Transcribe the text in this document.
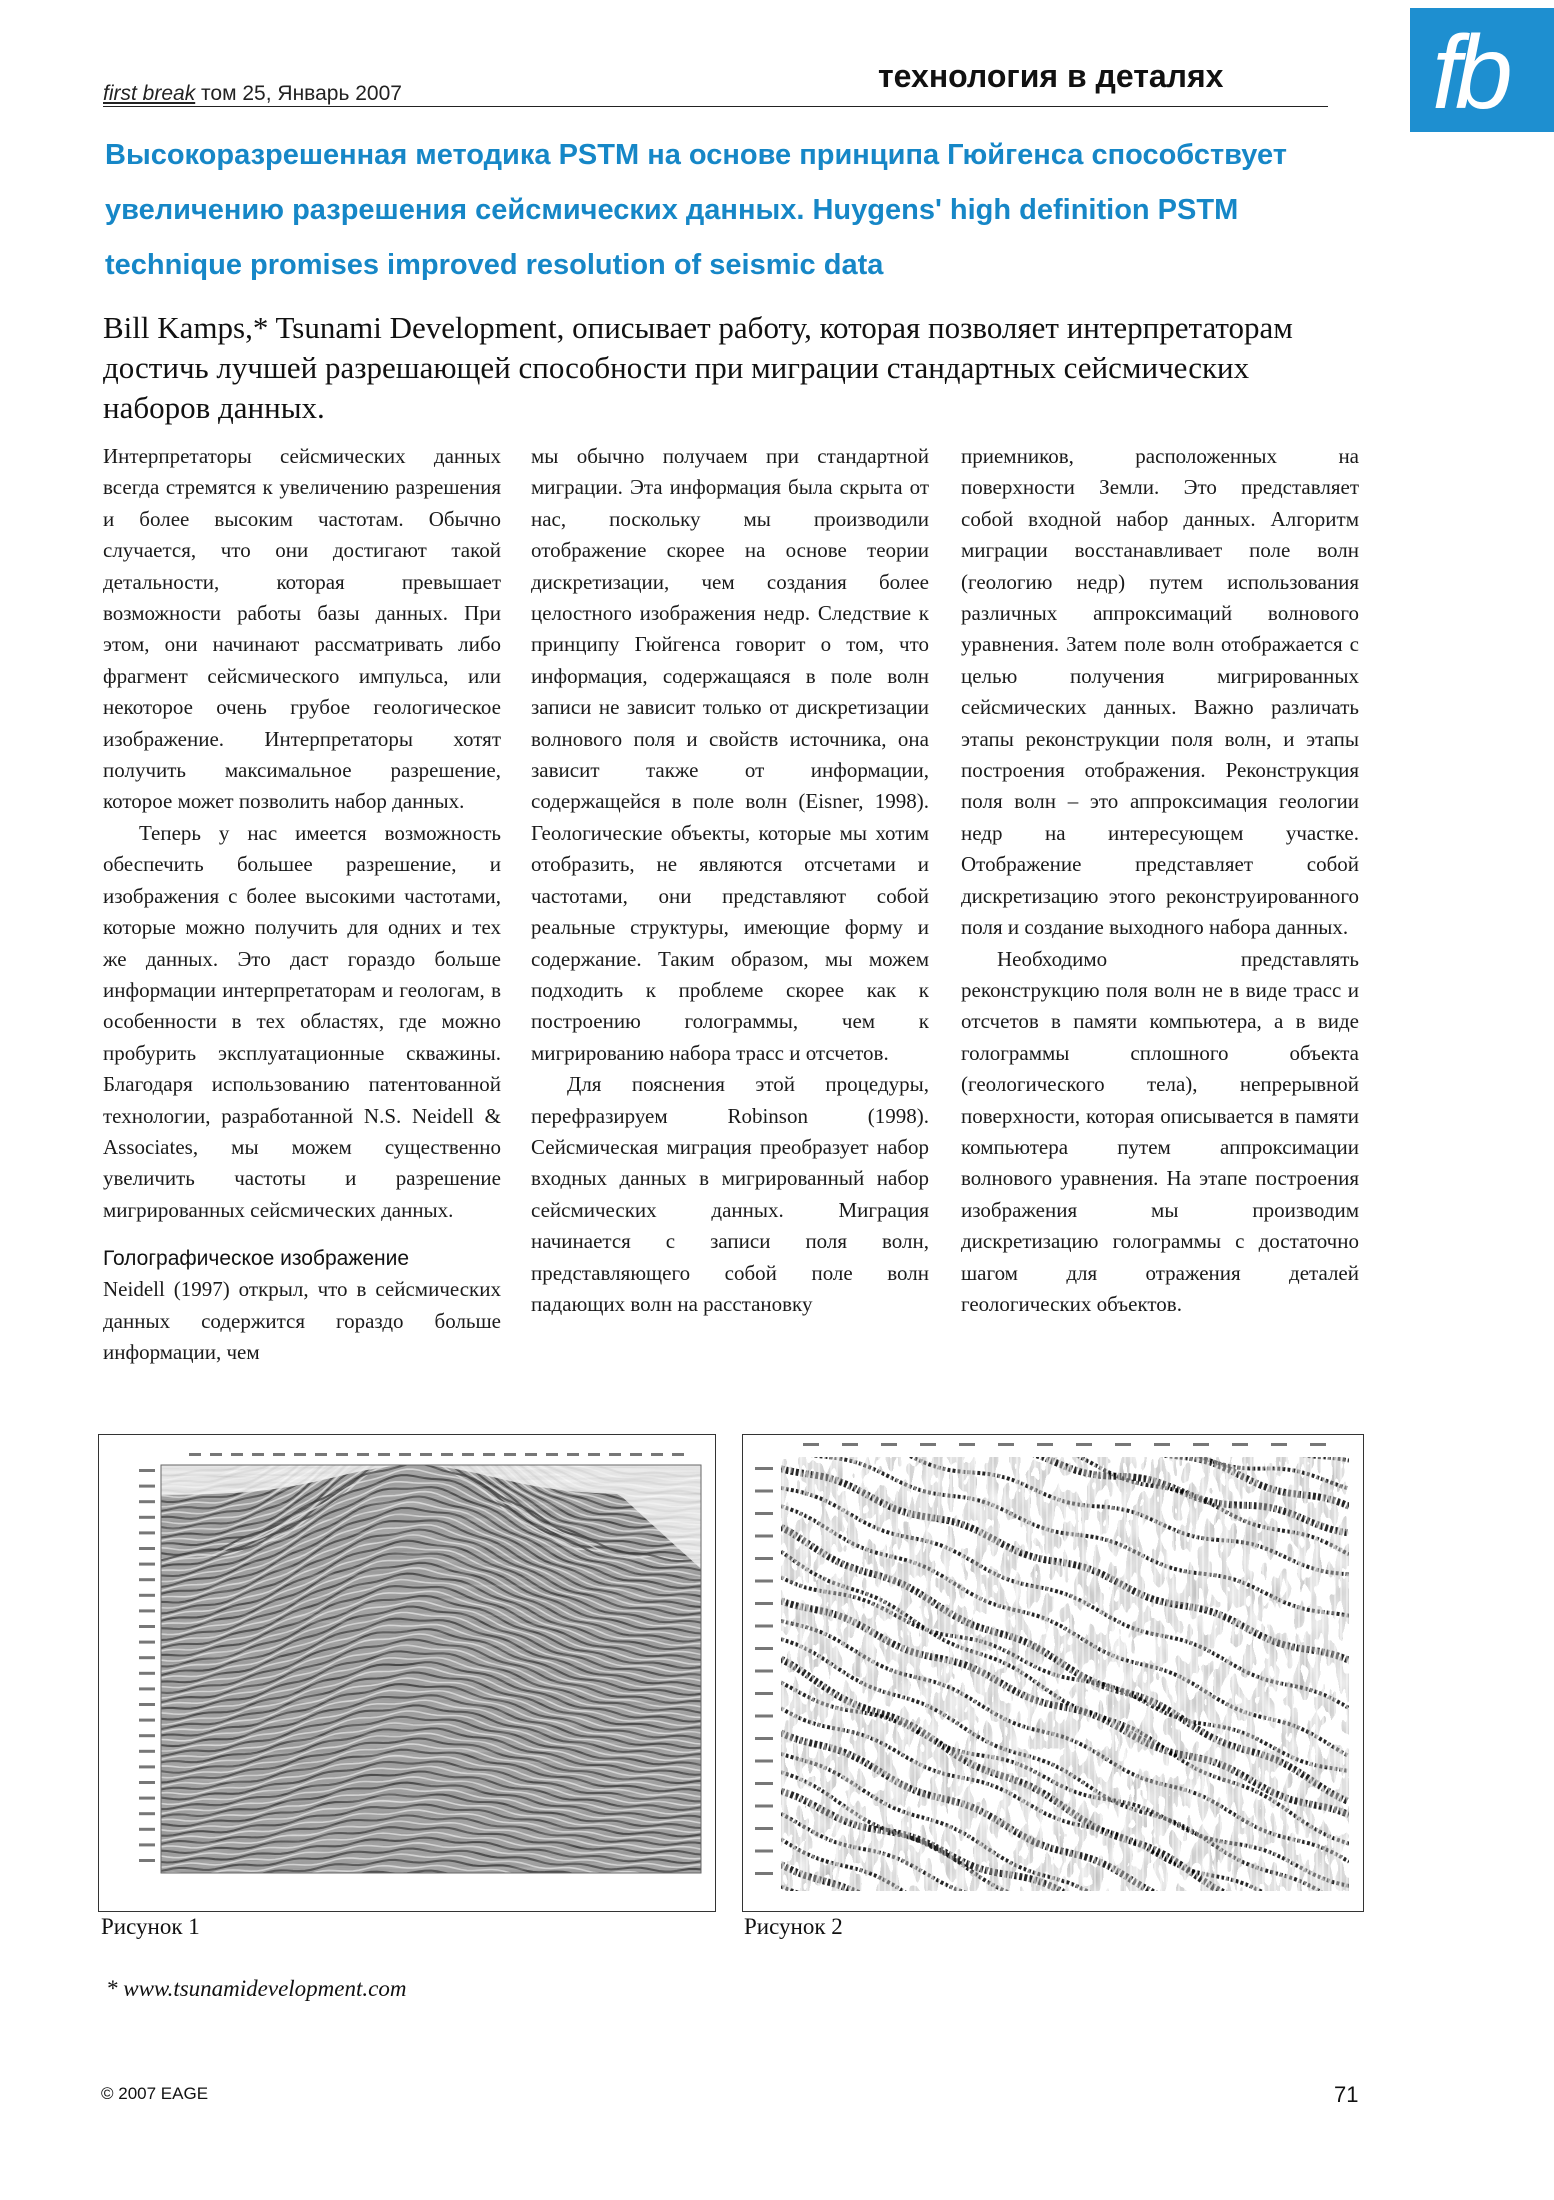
first break том 25, Январь 2007	технология в деталях fb
Высокоразрешенная методика PSTM на основе принципа Гюйгенса способствует
увеличению разрешения сейсмических данных. Huygens' high definition PSTM
technique promises improved resolution of seismic data
Bill Kamps,* Tsunami Development, описывает работу, которая позволяет интерпретаторам
достичь лучшей разрешающей способности при миграции стандартных сейсмических
наборов данных.

Интерпретаторы сейсмических данных всегда стремятся к увеличению разрешения и более высоким частотам. Обычно случается, что они достигают такой детальности, которая превышает возможности работы базы данных. При этом, они начинают рассматривать либо фрагмент сейсмического импульса, или некоторое очень грубое геологическое изображение. Интерпретаторы хотят получить максимальное разрешение, которое может позволить набор данных.

Теперь у нас имеется возможность обеспечить большее разрешение, и изображения с более высокими частотами, которые можно получить для одних и тех же данных. Это даст гораздо больше информации интерпретаторам и геологам, в особенности в тех областях, где можно пробурить эксплуатационные скважины. Благодаря использованию патентованной технологии, разработанной N.S. Neidell & Associates, мы можем существенно увеличить частоты и разрешение мигрированных сейсмических данных.

Голографическое изображение

Neidell (1997) открыл, что в сейсмических данных содержится гораздо больше информации, чем

мы обычно получаем при стандартной миграции. Эта информация была скрыта от нас, поскольку мы производили отображение скорее на основе теории дискретизации, чем создания более целостного изображения недр. Следствие к принципу Гюйгенса говорит о том, что информация, содержащаяся в поле волн записи не зависит только от дискретизации волнового поля и свойств источника, она зависит также от информации, содержащейся в поле волн (Eisner, 1998). Геологические объекты, которые мы хотим отобразить, не являются отсчетами и частотами, они представляют собой реальные структуры, имеющие форму и содержание. Таким образом, мы можем подходить к проблеме скорее как к построению голограммы, чем к мигрированию набора трасс и отсчетов.

Для пояснения этой процедуры, перефразируем Robinson (1998). Сейсмическая миграция преобразует набор входных данных в мигрированный набор сейсмических данных. Миграция начинается с записи поля волн, представляющего собой поле волн падающих волн на расстановку

приемников, расположенных на поверхности Земли. Это представляет собой входной набор данных. Алгоритм миграции восстанавливает поле волн (геологию недр) путем использования различных аппроксимаций волнового уравнения. Затем поле волн отображается с целью получения мигрированных сейсмических данных. Важно различать этапы реконструкции поля волн, и этапы построения отображения. Реконструкция поля волн – это аппроксимация геологии недр на интересующем участке. Отображение представляет собой дискретизацию этого реконструированного поля и создание выходного набора данных.

Необходимо представлять реконструкцию поля волн не в виде трасс и отсчетов в памяти компьютера, а в виде голограммы сплошного объекта (геологического тела), непрерывной поверхности, которая описывается в памяти компьютера путем аппроксимации волнового уравнения. На этапе построения изображения мы производим дискретизацию голограммы с достаточно шагом для отражения деталей геологических объектов.

Рисунок 1	Рисунок 2
* www.tsunamidevelopment.com
© 2007 EAGE	71
